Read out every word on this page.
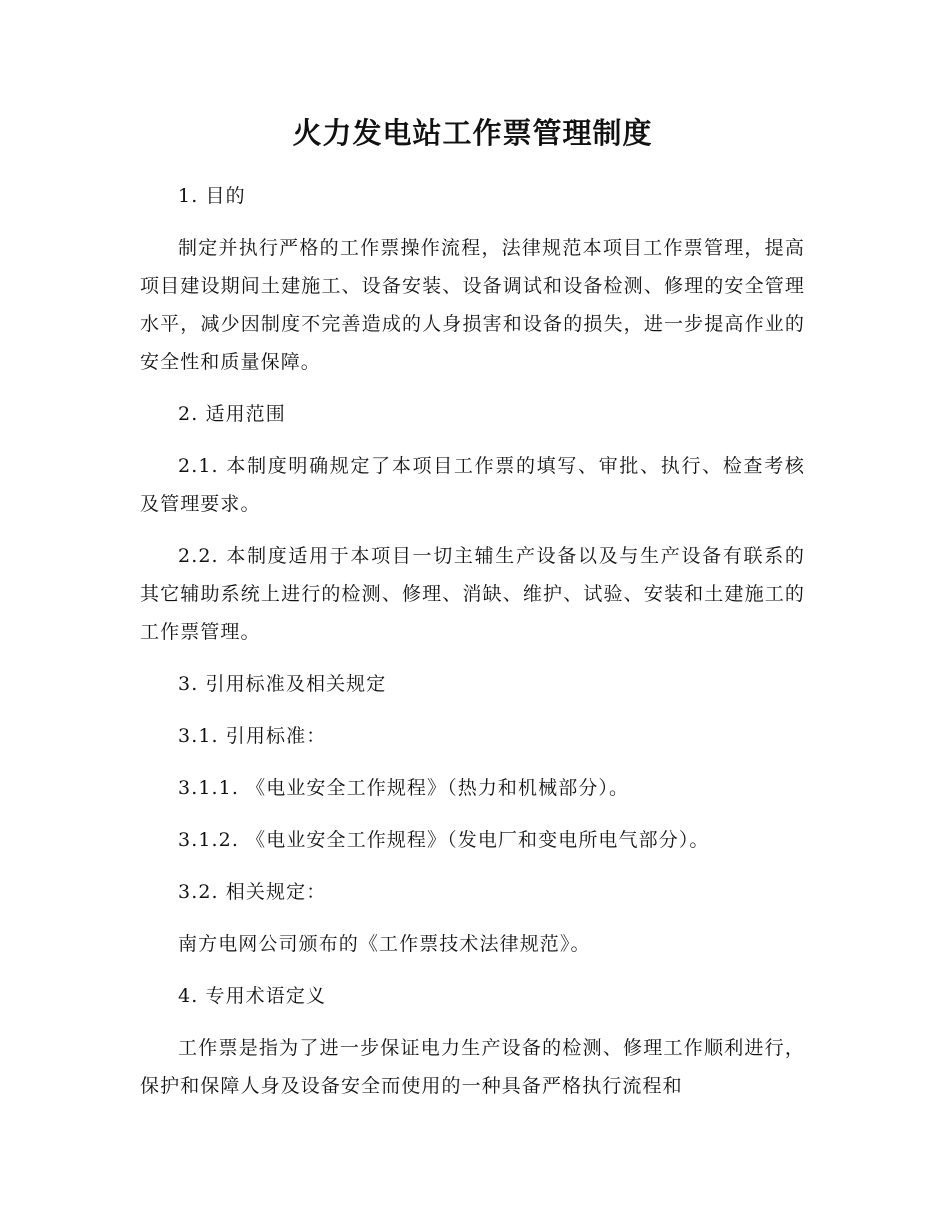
火力发电站工作票管理制度

1. 目的

制定并执行严格的工作票操作流程，法律规范本项目工作票管理，提高项目建设期间土建施工、设备安装、设备调试和设备检测、修理的安全管理水平，减少因制度不完善造成的人身损害和设备的损失，进一步提高作业的安全性和质量保障。

2. 适用范围

2.1. 本制度明确规定了本项目工作票的填写、审批、执行、检查考核及管理要求。

2.2. 本制度适用于本项目一切主辅生产设备以及与生产设备有联系的其它辅助系统上进行的检测、修理、消缺、维护、试验、安装和土建施工的工作票管理。

3. 引用标准及相关规定

3.1. 引用标准：

3.1.1. 《电业安全工作规程》（热力和机械部分）。

3.1.2. 《电业安全工作规程》（发电厂和变电所电气部分）。

3.2. 相关规定：

南方电网公司颁布的《工作票技术法律规范》。

4. 专用术语定义

工作票是指为了进一步保证电力生产设备的检测、修理工作顺利进行，保护和保障人身及设备安全而使用的一种具备严格执行流程和
